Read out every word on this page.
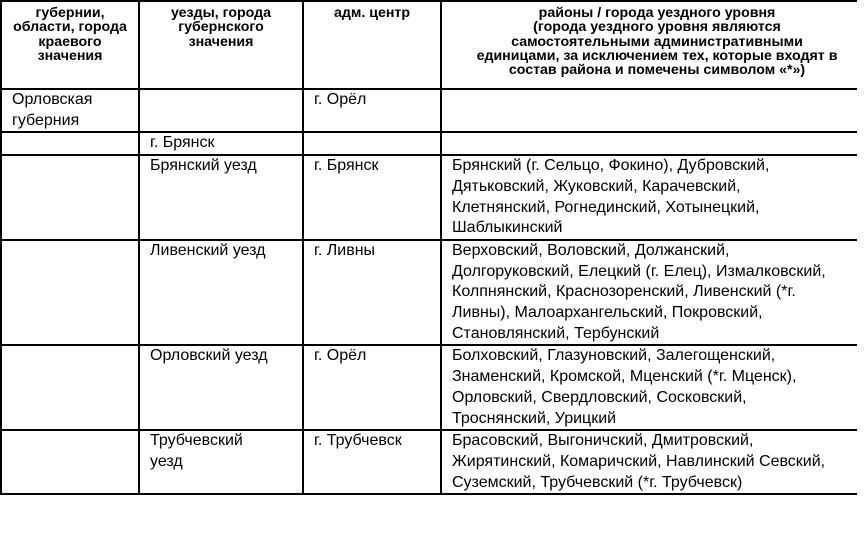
губернии, области, города краевого значения	уезды, города губернского значения	адм. центр	районы / города уездного уровня
(города уездного уровня являются
самостоятельными административными
единицами, за исключением тех, которые входят в
состав района и помечены символом «*»)

Орловская
губерния		г. Орёл	
	г. Брянск		
	Брянский уезд	г. Брянск	Брянский (г. Сельцо, Фокино), Дубровский,
Дятьковский, Жуковский, Карачевский,
Клетнянский, Рогнединский, Хотынецкий,
Шаблыкинский

	Ливенский уезд	г. Ливны	Верховский, Воловский, Должанский,
Долгоруковский, Елецкий (г. Елец), Измалковский,
Колпнянский, Краснозоренский, Ливенский (*г.
Ливны), Малоархангельский, Покровский,
Становлянский, Тербунский

	Орловский уезд	г. Орёл	Болховский, Глазуновский, Залегощенский,
Знаменский, Кромской, Мценский (*г. Мценск),
Орловский, Свердловский, Сосковский,
Троснянский, Урицкий

	Трубчевский
уезд	г. Трубчевск	Брасовский, Выгоничский, Дмитровский,
Жирятинский, Комаричский, Навлинский Севский,
Суземский, Трубчевский (*г. Трубчевск)
